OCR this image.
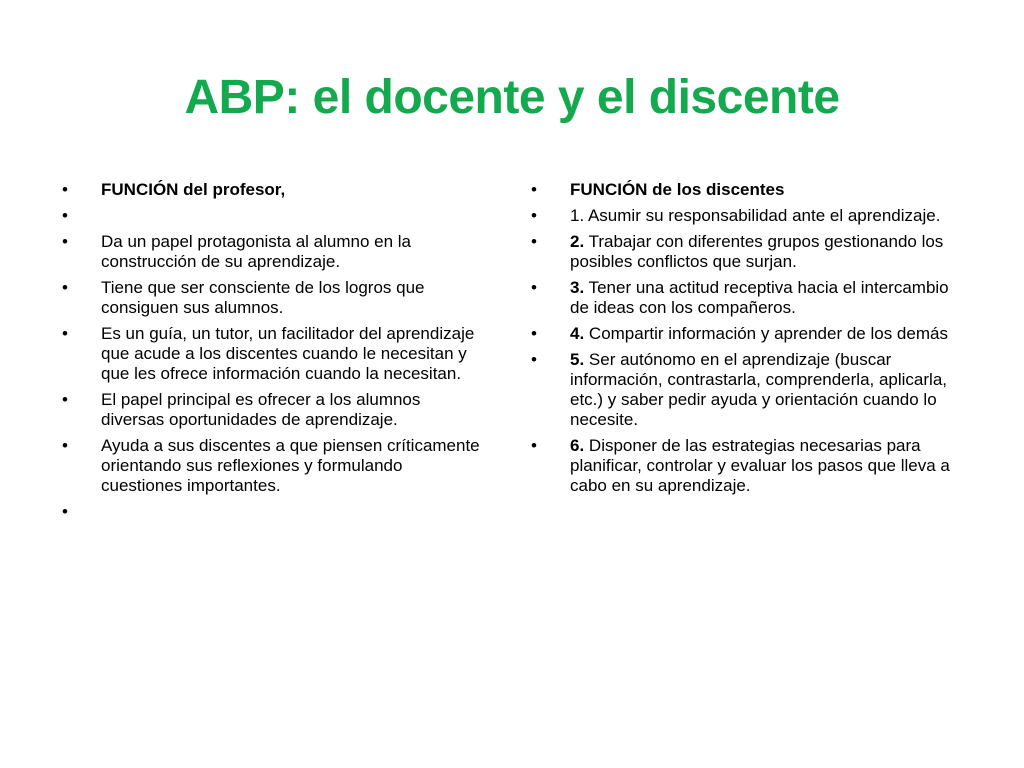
ABP: el docente y el discente
•	FUNCIÓN del profesor,
•
•	Da un papel protagonista al alumno en la construcción de su aprendizaje.
•	Tiene que ser consciente de los logros que consiguen sus alumnos.
•	Es un guía, un tutor, un facilitador del aprendizaje que acude a los discentes cuando le necesitan y que les ofrece información cuando la necesitan.
•	El papel principal es ofrecer a los alumnos diversas oportunidades de aprendizaje.
•	Ayuda a sus discentes a que piensen críticamente orientando sus reflexiones y formulando cuestiones importantes.
•
•	FUNCIÓN de los discentes
•	1. Asumir su responsabilidad ante el aprendizaje.
•	2. Trabajar con diferentes grupos gestionando los posibles conflictos que surjan.
•	3. Tener una actitud receptiva hacia el intercambio de ideas con los compañeros.
•	4. Compartir información y aprender de los demás
•	5. Ser autónomo en el aprendizaje (buscar información, contrastarla, comprenderla, aplicarla, etc.) y saber pedir ayuda y orientación cuando lo necesite.
•	6. Disponer de las estrategias necesarias para planificar, controlar y evaluar los pasos que lleva a cabo en su aprendizaje.
